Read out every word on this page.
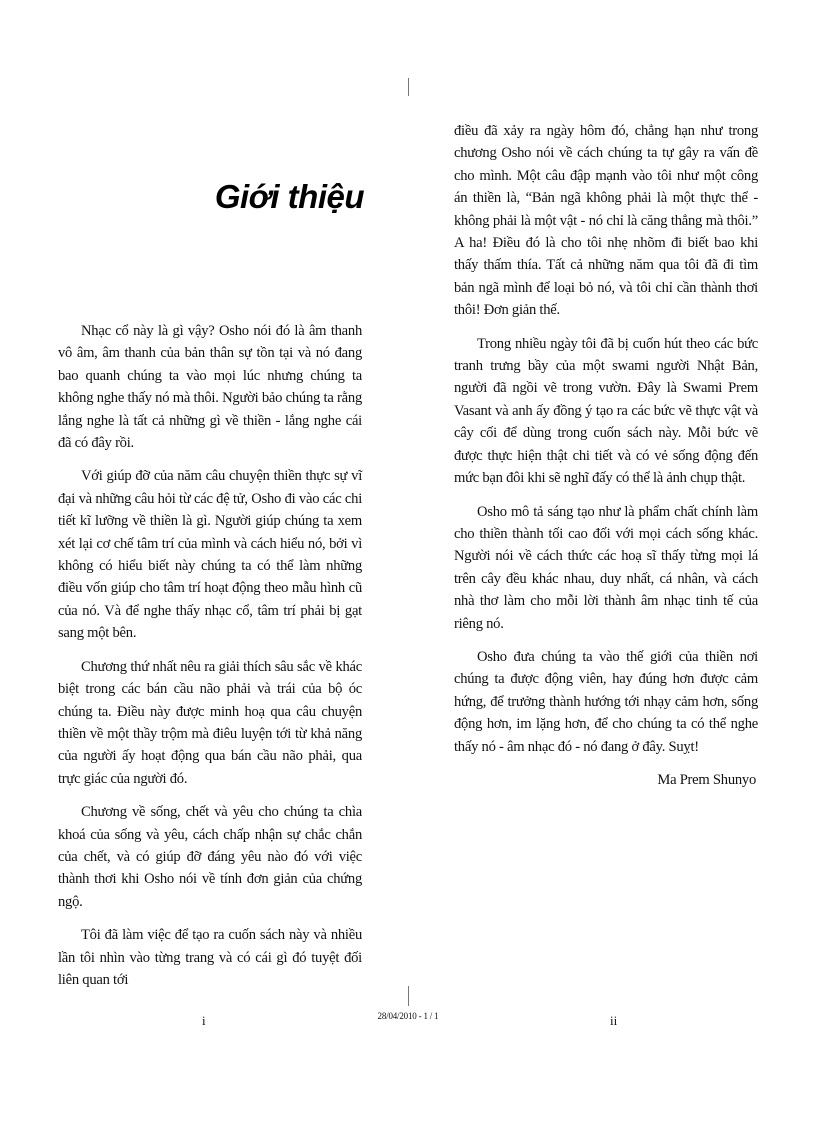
Giới thiệu

Nhạc cổ này là gì vậy? Osho nói đó là âm thanh vô âm, âm thanh của bản thân sự tồn tại và nó đang bao quanh chúng ta vào mọi lúc nhưng chúng ta không nghe thấy nó mà thôi. Người bảo chúng ta rằng lắng nghe là tất cả những gì về thiền - lắng nghe cái đã có đây rồi.

Với giúp đỡ của năm câu chuyện thiền thực sự vĩ đại và những câu hỏi từ các đệ tử, Osho đi vào các chi tiết kĩ lưỡng về thiền là gì. Người giúp chúng ta xem xét lại cơ chế tâm trí của mình và cách hiểu nó, bởi vì không có hiểu biết này chúng ta có thể làm những điều vốn giúp cho tâm trí hoạt động theo mẫu hình cũ của nó. Và để nghe thấy nhạc cổ, tâm trí phải bị gạt sang một bên.

Chương thứ nhất nêu ra giải thích sâu sắc về khác biệt trong các bán cầu não phải và trái của bộ óc chúng ta. Điều này được minh hoạ qua câu chuyện thiền về một thầy trộm mà điêu luyện tới từ khả năng của người ấy hoạt động qua bán cầu não phải, qua trực giác của người đó.

Chương về sống, chết và yêu cho chúng ta chìa khoá của sống và yêu, cách chấp nhận sự chắc chắn của chết, và có giúp đỡ đáng yêu nào đó với việc thành thơi khi Osho nói về tính đơn giản của chứng ngộ.

Tôi đã làm việc để tạo ra cuốn sách này và nhiều lần tôi nhìn vào từng trang và có cái gì đó tuyệt đối liên quan tới

điều đã xảy ra ngày hôm đó, chẳng hạn như trong chương Osho nói về cách chúng ta tự gây ra vấn đề cho mình. Một câu đập mạnh vào tôi như một công án thiền là, “Bản ngã không phải là một thực thể - không phải là một vật - nó chỉ là căng thẳng mà thôi.” A ha! Điều đó là cho tôi nhẹ nhõm đi biết bao khi thấy thấm thía. Tất cả những năm qua tôi đã đi tìm bản ngã mình để loại bỏ nó, và tôi chỉ cần thành thơi thôi! Đơn giản thế.

Trong nhiều ngày tôi đã bị cuốn hút theo các bức tranh trưng bầy của một swami người Nhật Bản, người đã ngồi vẽ trong vườn. Đây là Swami Prem Vasant và anh ấy đồng ý tạo ra các bức vẽ thực vật và cây cối để dùng trong cuốn sách này. Mỗi bức vẽ được thực hiện thật chi tiết và có vẻ sống động đến mức bạn đôi khi sẽ nghĩ đấy có thể là ảnh chụp thật.

Osho mô tả sáng tạo như là phẩm chất chính làm cho thiền thành tối cao đối với mọi cách sống khác. Người nói về cách thức các hoạ sĩ thấy từng mọi lá trên cây đều khác nhau, duy nhất, cá nhân, và cách nhà thơ làm cho mỗi lời thành âm nhạc tinh tế của riêng nó.

Osho đưa chúng ta vào thế giới của thiền nơi chúng ta được động viên, hay đúng hơn được cảm hứng, để trưởng thành hướng tới nhạy cảm hơn, sống động hơn, im lặng hơn, để cho chúng ta có thể nghe thấy nó - âm nhạc đó - nó đang ở đây. Suỵt!

Ma Prem Shunyo
i	28/04/2010 - 1 / 1	ii
